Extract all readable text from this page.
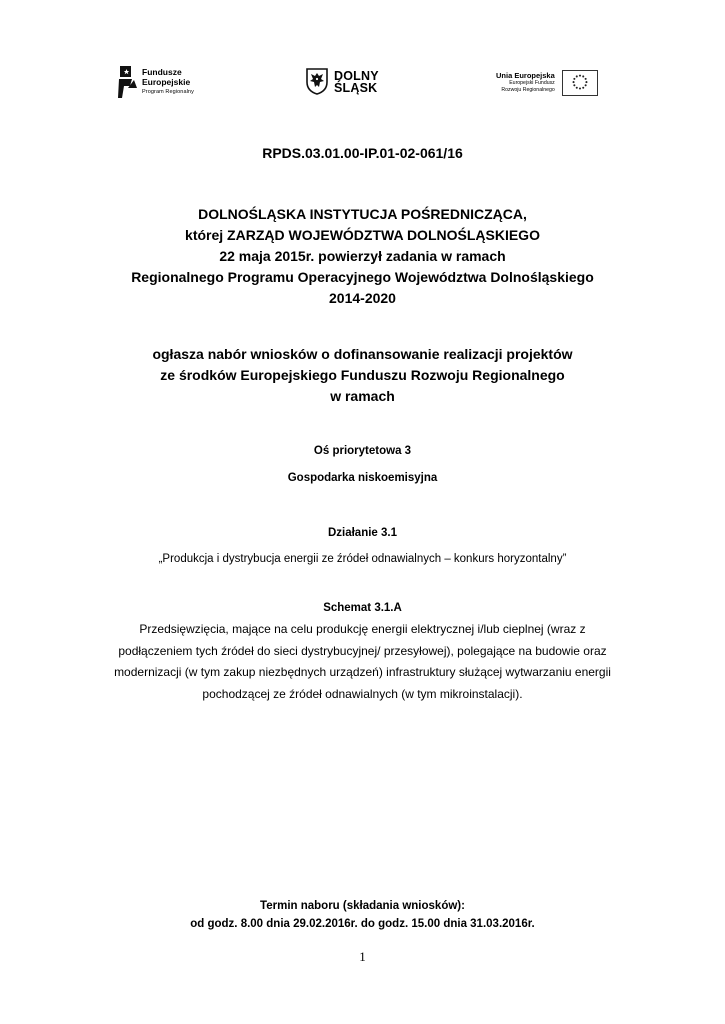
Fundusze
Europejskie
Program Regionalny
DOLNY
ŚLĄSK
Unia Europejska
Europejski Fundusz
Rozwoju Regionalnego
RPDS.03.01.00-IP.01-02-061/16
DOLNOŚLĄSKA INSTYTUCJA POŚREDNICZĄCA,
której ZARZĄD WOJEWÓDZTWA DOLNOŚLĄSKIEGO
22 maja 2015r. powierzył zadania w ramach
Regionalnego Programu Operacyjnego Województwa Dolnośląskiego
2014-2020
ogłasza nabór wniosków o dofinansowanie realizacji projektów
ze środków Europejskiego Funduszu Rozwoju Regionalnego
w ramach
Oś priorytetowa 3
Gospodarka niskoemisyjna
Działanie 3.1
„Produkcja i dystrybucja energii ze źródeł odnawialnych – konkurs horyzontalny”
Schemat 3.1.A
Przedsięwzięcia, mające na celu produkcję energii elektrycznej i/lub cieplnej (wraz z podłączeniem tych źródeł do sieci dystrybucyjnej/ przesyłowej), polegające na budowie oraz modernizacji (w tym zakup niezbędnych urządzeń) infrastruktury służącej wytwarzaniu energii pochodzącej ze źródeł odnawialnych (w tym mikroinstalacji).
Termin naboru (składania wniosków):
od godz. 8.00 dnia 29.02.2016r. do godz. 15.00 dnia 31.03.2016r.
1
